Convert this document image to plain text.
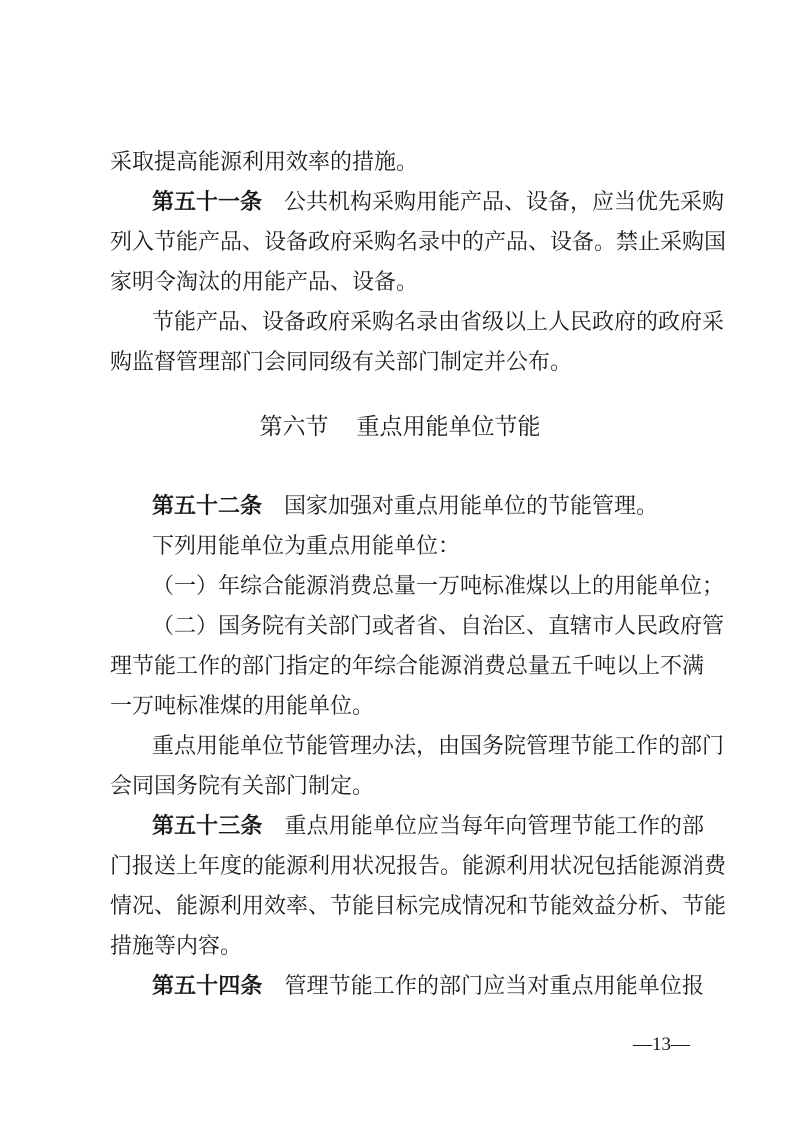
采取提高能源利用效率的措施。
第五十一条 公共机构采购用能产品、设备，应当优先采购
列入节能产品、设备政府采购名录中的产品、设备。禁止采购国
家明令淘汰的用能产品、设备。
节能产品、设备政府采购名录由省级以上人民政府的政府采
购监督管理部门会同同级有关部门制定并公布。
第六节 重点用能单位节能
第五十二条 国家加强对重点用能单位的节能管理。
下列用能单位为重点用能单位：
（一）年综合能源消费总量一万吨标准煤以上的用能单位；
（二）国务院有关部门或者省、自治区、直辖市人民政府管
理节能工作的部门指定的年综合能源消费总量五千吨以上不满
一万吨标准煤的用能单位。
重点用能单位节能管理办法，由国务院管理节能工作的部门
会同国务院有关部门制定。
第五十三条 重点用能单位应当每年向管理节能工作的部
门报送上年度的能源利用状况报告。能源利用状况包括能源消费
情况、能源利用效率、节能目标完成情况和节能效益分析、节能
措施等内容。
第五十四条 管理节能工作的部门应当对重点用能单位报
—13—
